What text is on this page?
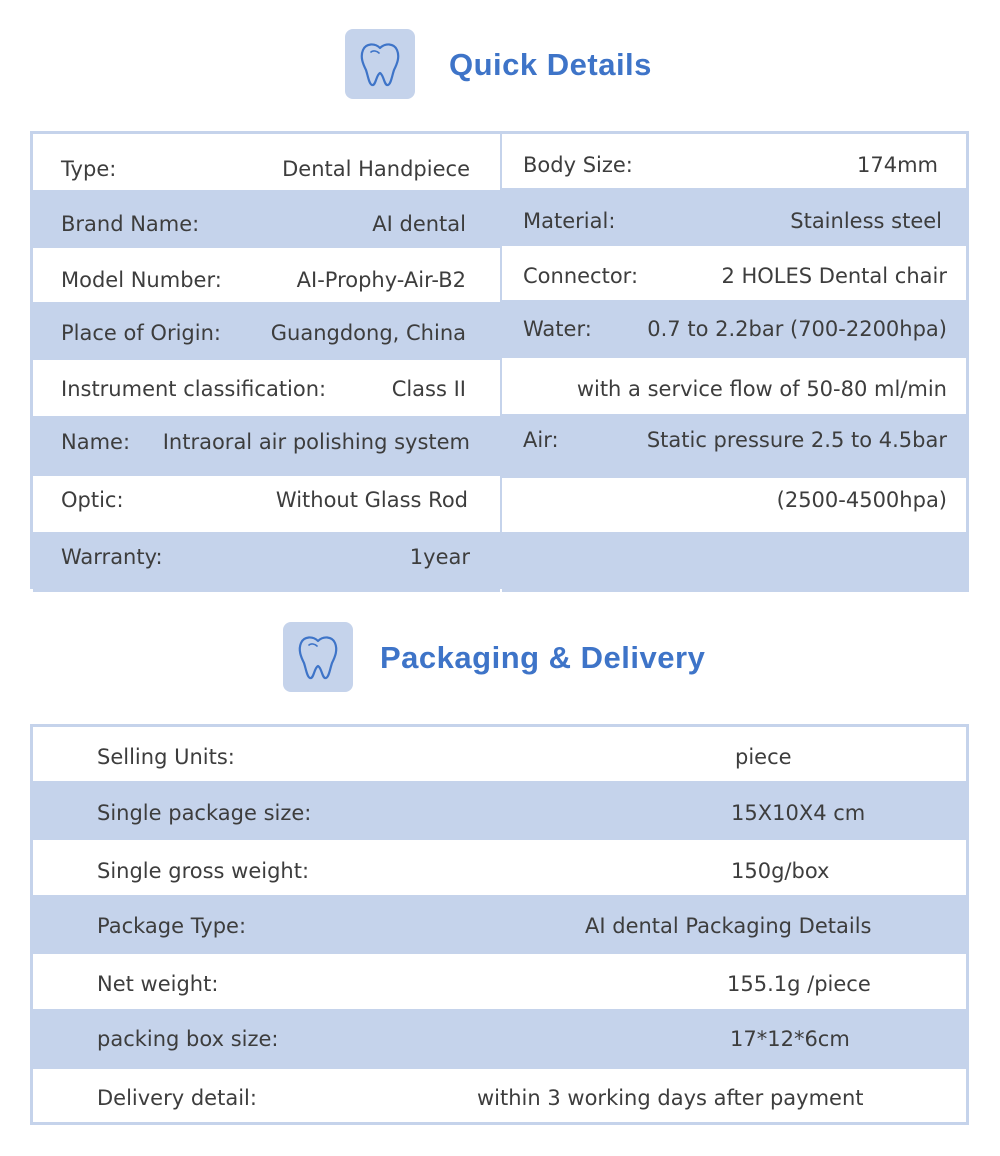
Quick Details
Type:	Dental Handpiece
Brand Name:	AI dental
Model Number:	AI-Prophy-Air-B2
Place of Origin: Guangdong, China
Instrument classification:	Class II
Name: Intraoral air polishing system
Optic:	Without Glass Rod
Warranty:	1year
Body Size:	174mm
Material:	Stainless steel
Connector:	2 HOLES Dental chair
Water:	0.7 to 2.2bar (700-2200hpa)
with a service flow of 50-80 ml/min
Air:	Static pressure 2.5 to 4.5bar
(2500-4500hpa)
Packaging & Delivery
Selling Units:	piece
Single package size:	15X10X4 cm
Single gross weight:	150g/box
Package Type:	AI dental Packaging Details
Net weight:	155.1g /piece
packing box size:	17*12*6cm
Delivery detail:	within 3 working days after payment
